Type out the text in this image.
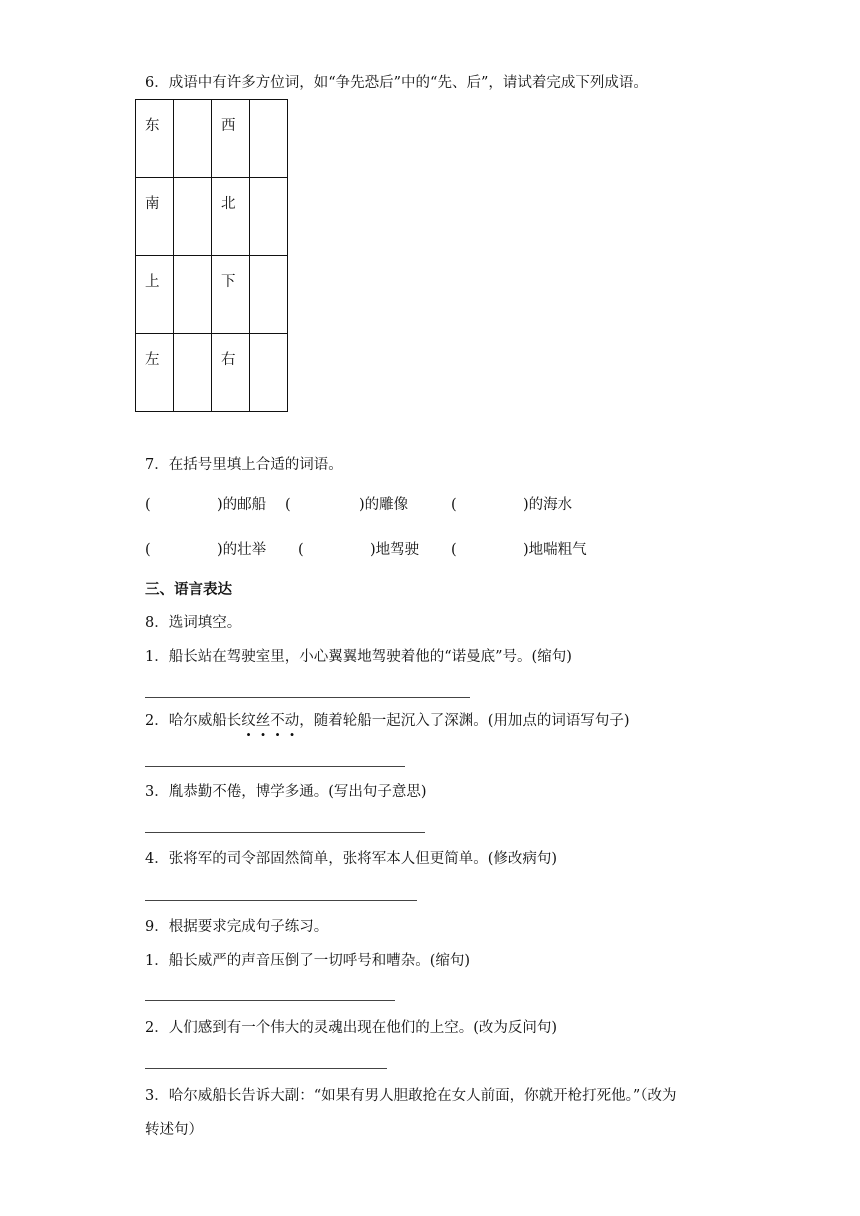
6．成语中有许多方位词，如“争先恐后”中的“先、后”，请试着完成下列成语。
东		西	
南		北	
上		下	
左		右	
7．在括号里填上合适的词语。
(	)的邮船 (	)的雕像	(	)的海水
(	)的壮举 (	)地驾驶 (	)地喘粗气
三、语言表达
8．选词填空。
1．船长站在驾驶室里，小心翼翼地驾驶着他的“诺曼底”号。(缩句)
2．哈尔威船长纹丝不动，随着轮船一起沉入了深渊。(用加点的词语写句子)
3．胤恭勤不倦，博学多通。(写出句子意思)
4．张将军的司令部固然简单，张将军本人但更简单。(修改病句)
9．根据要求完成句子练习。
1．船长威严的声音压倒了一切呼号和嘈杂。(缩句)
2．人们感到有一个伟大的灵魂出现在他们的上空。(改为反问句)
3．哈尔威船长告诉大副：“如果有男人胆敢抢在女人前面，你就开枪打死他。”（改为
转述句）
